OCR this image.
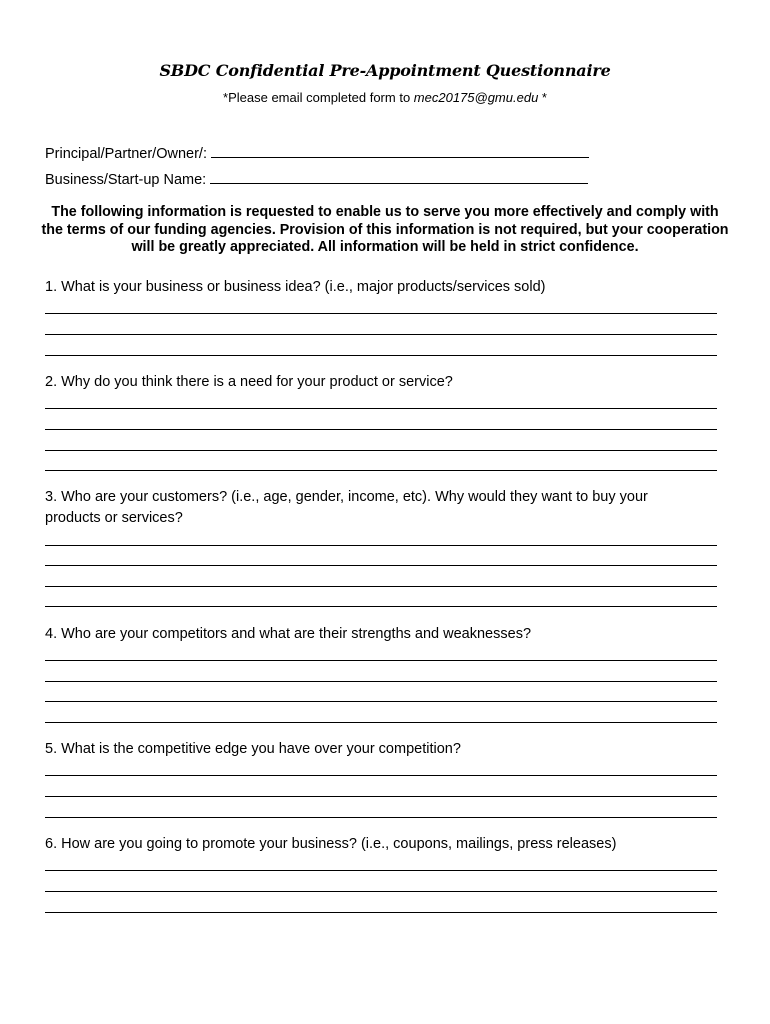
SBDC Confidential Pre-Appointment Questionnaire
*Please email completed form to mec20175@gmu.edu *
Principal/Partner/Owner/:
Business/Start-up Name:
The following information is requested to enable us to serve you more effectively and comply with the terms of our funding agencies. Provision of this information is not required, but your cooperation will be greatly appreciated. All information will be held in strict confidence.
1. What is your business or business idea? (i.e., major products/services sold)
2. Why do you think there is a need for your product or service?
3. Who are your customers? (i.e., age, gender, income, etc). Why would they want to buy your products or services?
4. Who are your competitors and what are their strengths and weaknesses?
5. What is the competitive edge you have over your competition?
6. How are you going to promote your business? (i.e., coupons, mailings, press releases)
